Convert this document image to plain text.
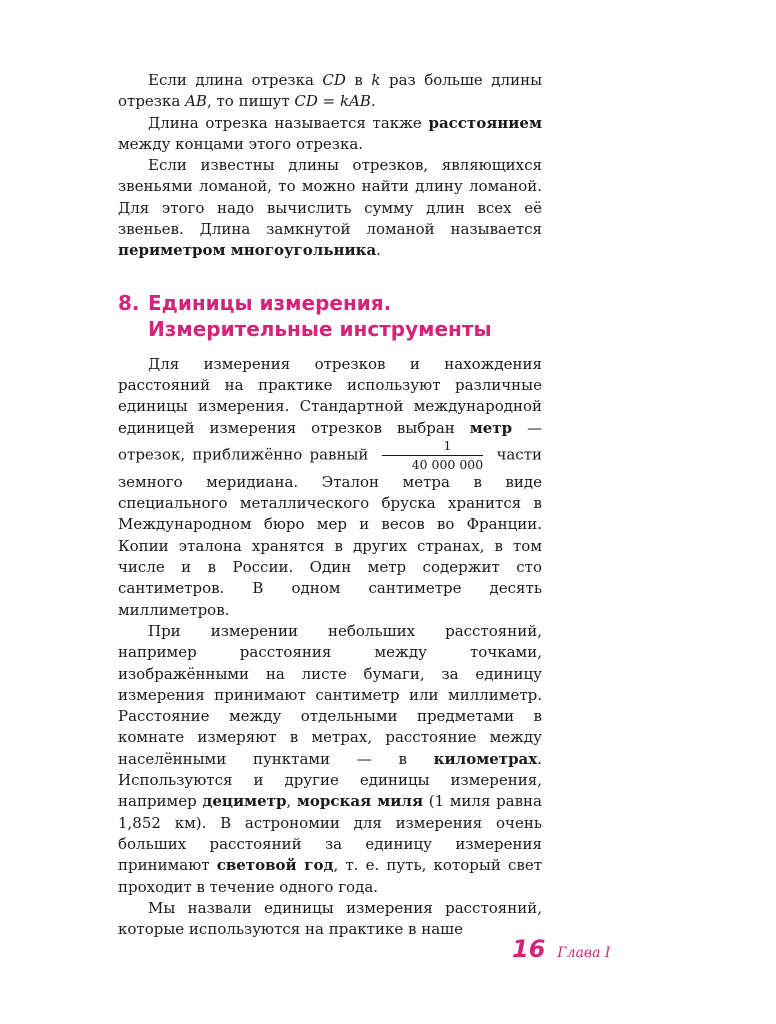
Если длина отрезка CD в k раз больше длины отрезка AB, то пишут CD = kAB.

Длина отрезка называется также расстоянием между концами этого отрезка.

Если известны длины отрезков, являющихся звеньями ломаной, то можно найти длину ломаной. Для этого надо вычислить сумму длин всех её звеньев. Длина замкнутой ломаной называется периметром многоугольника.

8. Единицы измерения.
Измерительные инструменты

Для измерения отрезков и нахождения расстояний на практике используют различные единицы измерения. Стандартной международной единицей измерения отрезков выбран метр — отрезок, приближённо равный $\frac{1}{40 000 000}$ части земного меридиана. Эталон метра в виде специального металлического бруска хранится в Международном бюро мер и весов во Франции. Копии эталона хранятся в других странах, в том числе и в России. Один метр содержит сто сантиметров. В одном сантиметре десять миллиметров.

При измерении небольших расстояний, например расстояния между точками, изображёнными на листе бумаги, за единицу измерения принимают сантиметр или миллиметр. Расстояние между отдельными предметами в комнате измеряют в метрах, расстояние между населёнными пунктами — в километрах. Используются и другие единицы измерения, например дециметр, морская миля (1 миля равна 1,852 км). В астрономии для измерения очень больших расстояний за единицу измерения принимают световой год, т. е. путь, который свет проходит в течение одного года.

Мы назвали единицы измерения расстояний, которые используются на практике в наше

16 Глава I
